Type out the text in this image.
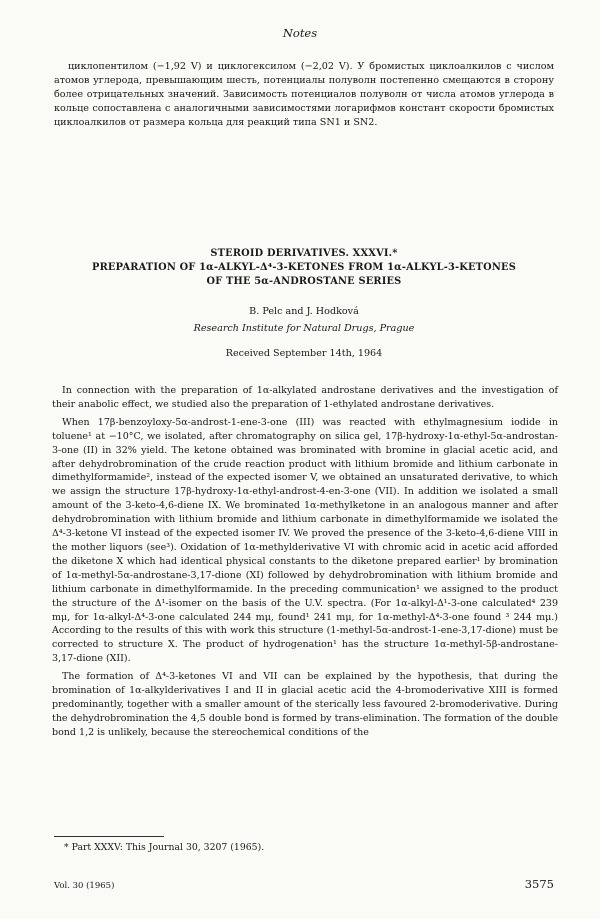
Notes

циклопентилом (−1,92 V) и циклогексилом (−2,02 V). У бромистых циклоалкилов с числом атомов углерода, превышающим шесть, потенциалы полуволн постепенно смещаются в сторону более отрицательных значений. Зависимость потенциалов полуволн от числа атомов углерода в кольце сопоставлена с аналогичными зависимостями логарифмов констант скорости бромистых циклоалкилов от размера кольца для реакций типа SN1 и SN2.

STEROID DERIVATIVES. XXXVI.*
PREPARATION OF 1α-ALKYL-Δ⁴-3-KETONES FROM 1α-ALKYL-3-KETONES
OF THE 5α-ANDROSTANE SERIES
B. Pelc and J. Hodková
Research Institute for Natural Drugs, Prague
Received September 14th, 1964

In connection with the preparation of 1α-alkylated androstane derivatives and the investigation of their anabolic effect, we studied also the preparation of 1-ethylated androstane derivatives.

When 17β-benzoyloxy-5α-androst-1-ene-3-one (III) was reacted with ethylmagnesium iodide in toluene¹ at −10°C, we isolated, after chromatography on silica gel, 17β-hydroxy-1α-ethyl-5α-androstan-3-one (II) in 32% yield. The ketone obtained was brominated with bromine in glacial acetic acid, and after dehydrobromination of the crude reaction product with lithium bromide and lithium carbonate in dimethylformamide², instead of the expected isomer V, we obtained an unsaturated derivative, to which we assign the structure 17β-hydroxy-1α-ethyl-androst-4-en-3-one (VII). In addition we isolated a small amount of the 3-keto-4,6-diene IX. We brominated 1α-methylketone in an analogous manner and after dehydrobromination with lithium bromide and lithium carbonate in dimethylformamide we isolated the Δ⁴-3-ketone VI instead of the expected isomer IV. We proved the presence of the 3-keto-4,6-diene VIII in the mother liquors (see³). Oxidation of 1α-methylderivative VI with chromic acid in acetic acid afforded the diketone X which had identical physical constants to the diketone prepared earlier¹ by bromination of 1α-methyl-5α-androstane-3,17-dione (XI) followed by dehydrobromination with lithium bromide and lithium carbonate in dimethylformamide. In the preceding communication¹ we assigned to the product the structure of the Δ¹-isomer on the basis of the U.V. spectra. (For 1α-alkyl-Δ¹-3-one calculated⁴ 239 mμ, for 1α-alkyl-Δ⁴-3-one calculated 244 mμ, found¹ 241 mμ, for 1α-methyl-Δ⁴-3-one found ³ 244 mμ.) According to the results of this with work this structure (1-methyl-5α-androst-1-ene-3,17-dione) must be corrected to structure X. The product of hydrogenation¹ has the structure 1α-methyl-5β-androstane-3,17-dione (XII).

The formation of Δ⁴-3-ketones VI and VII can be explained by the hypothesis, that during the bromination of 1α-alkylderivatives I and II in glacial acetic acid the 4-bromoderivative XIII is formed predominantly, together with a smaller amount of the sterically less favoured 2-bromoderivative. During the dehydrobromination the 4,5 double bond is formed by trans-elimination. The formation of the double bond 1,2 is unlikely, because the stereochemical conditions of the

* Part XXXV: This Journal 30, 3207 (1965).
Vol. 30 (1965)	3575
